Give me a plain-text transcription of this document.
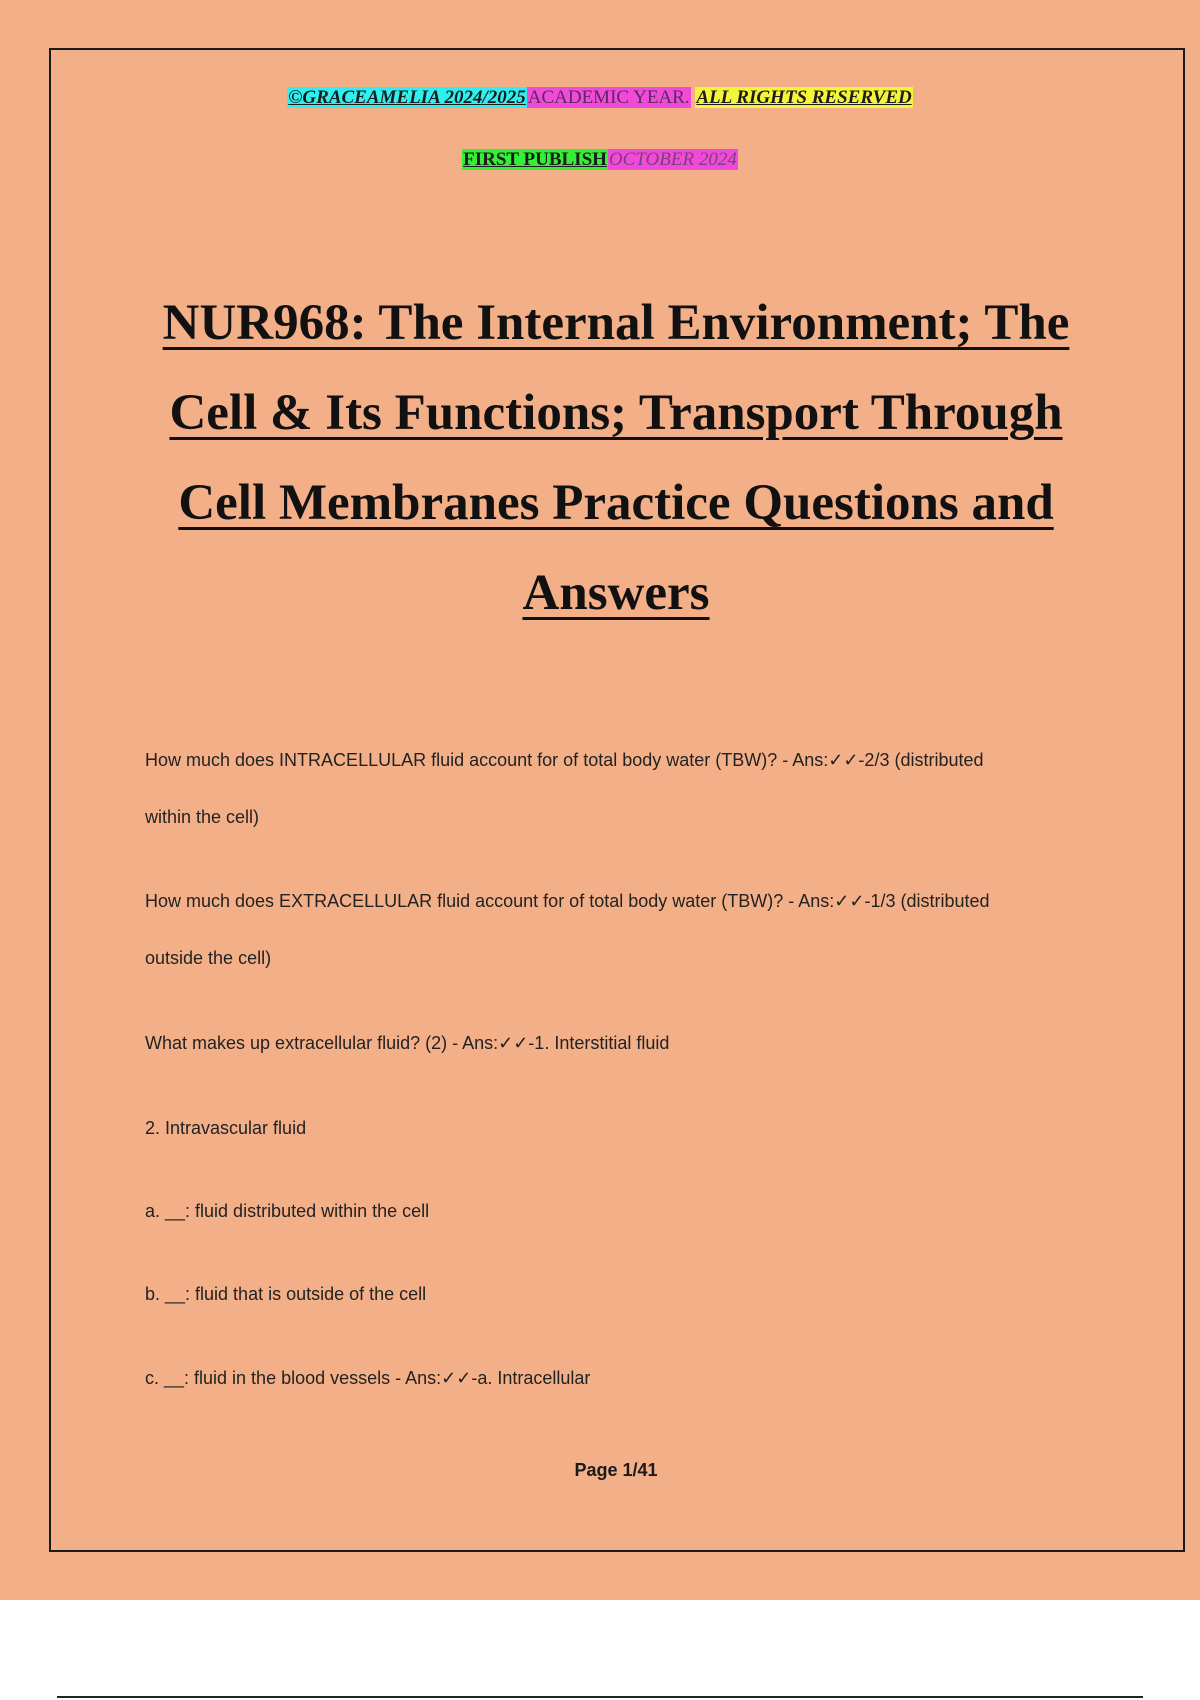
©GRACEAMELIA 2024/2025 ACADEMIC YEAR. ALL RIGHTS RESERVED
FIRST PUBLISH OCTOBER 2024
NUR968: The Internal Environment; The
Cell & Its Functions; Transport Through
Cell Membranes Practice Questions and
Answers
How much does INTRACELLULAR fluid account for of total body water (TBW)? - Ans:✓✓-2/3 (distributed
within the cell)
How much does EXTRACELLULAR fluid account for of total body water (TBW)? - Ans:✓✓-1/3 (distributed
outside the cell)
What makes up extracellular fluid? (2) - Ans:✓✓-1. Interstitial fluid
2. Intravascular fluid
a. __: fluid distributed within the cell
b. __: fluid that is outside of the cell
c. __: fluid in the blood vessels - Ans:✓✓-a. Intracellular
Page 1/41
